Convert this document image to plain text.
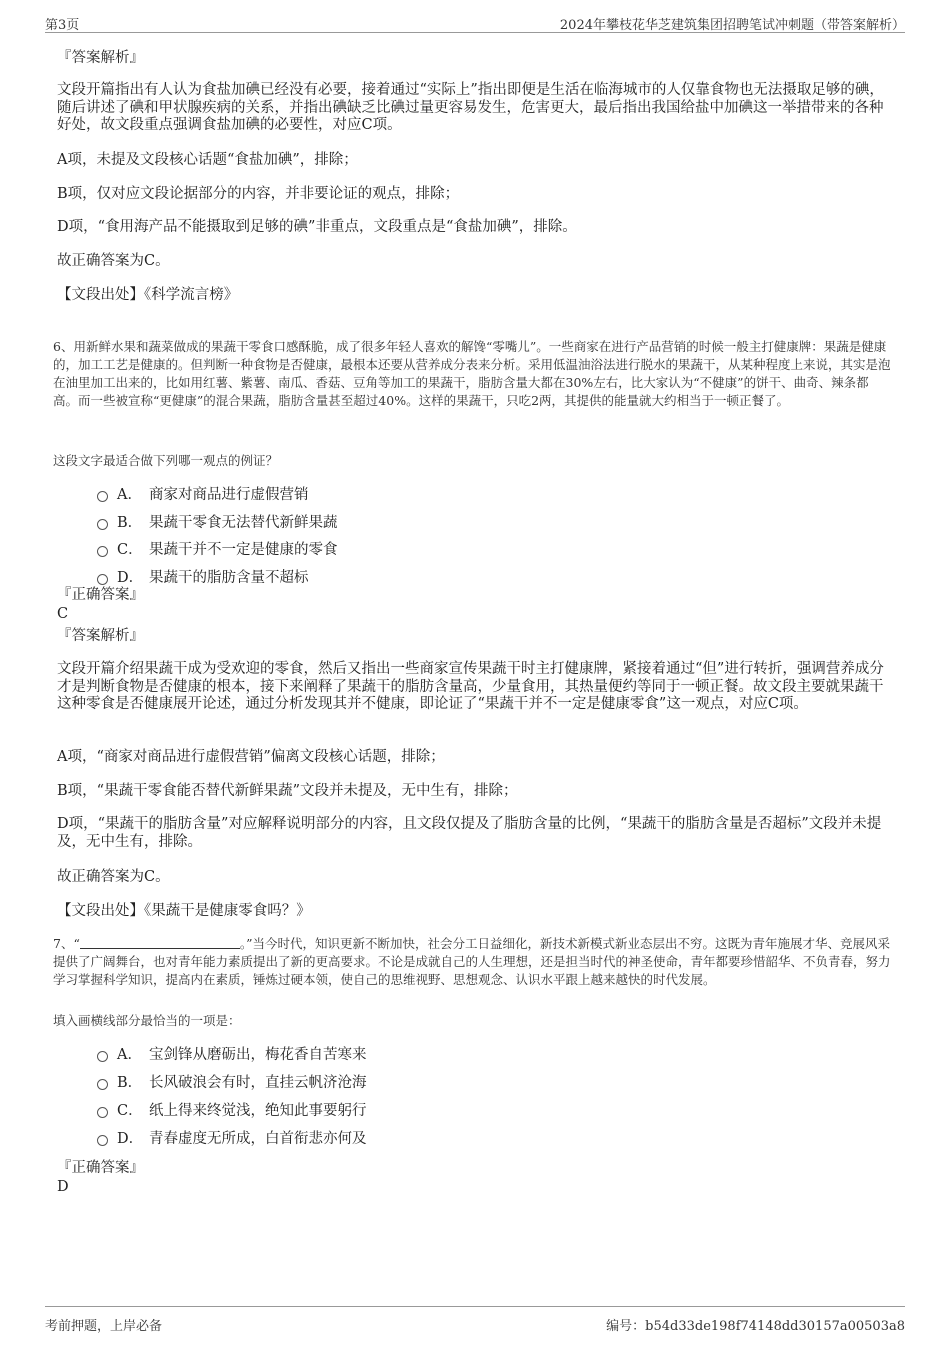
第3页	2024年攀枝花华芝建筑集团招聘笔试冲刺题（带答案解析）
『答案解析』
文段开篇指出有人认为食盐加碘已经没有必要，接着通过“实际上”指出即便是生活在临海城市的人仅靠食物也无法摄取足够的碘，随后讲述了碘和甲状腺疾病的关系，并指出碘缺乏比碘过量更容易发生，危害更大，最后指出我国给盐中加碘这一举措带来的各种好处，故文段重点强调食盐加碘的必要性，对应C项。
A项，未提及文段核心话题“食盐加碘”，排除；
B项，仅对应文段论据部分的内容，并非要论证的观点，排除；
D项，“食用海产品不能摄取到足够的碘”非重点，文段重点是“食盐加碘”，排除。
故正确答案为C。
【文段出处】《科学流言榜》
6、用新鲜水果和蔬菜做成的果蔬干零食口感酥脆，成了很多年轻人喜欢的解馋“零嘴儿”。一些商家在进行产品营销的时候一般主打健康牌：果蔬是健康的，加工工艺是健康的。但判断一种食物是否健康，最根本还要从营养成分表来分析。采用低温油浴法进行脱水的果蔬干，从某种程度上来说，其实是泡在油里加工出来的，比如用红薯、紫薯、南瓜、香菇、豆角等加工的果蔬干，脂肪含量大都在30%左右，比大家认为“不健康”的饼干、曲奇、辣条都高。而一些被宣称“更健康”的混合果蔬，脂肪含量甚至超过40%。这样的果蔬干，只吃2两，其提供的能量就大约相当于一顿正餐了。
这段文字最适合做下列哪一观点的例证？
A． 商家对商品进行虚假营销
B． 果蔬干零食无法替代新鲜果蔬
C． 果蔬干并不一定是健康的零食
D． 果蔬干的脂肪含量不超标
『正确答案』
C
『答案解析』
文段开篇介绍果蔬干成为受欢迎的零食，然后又指出一些商家宣传果蔬干时主打健康牌，紧接着通过“但”进行转折，强调营养成分才是判断食物是否健康的根本，接下来阐释了果蔬干的脂肪含量高，少量食用，其热量便约等同于一顿正餐。故文段主要就果蔬干这种零食是否健康展开论述，通过分析发现其并不健康，即论证了“果蔬干并不一定是健康零食”这一观点，对应C项。
A项，“商家对商品进行虚假营销”偏离文段核心话题，排除；
B项，“果蔬干零食能否替代新鲜果蔬”文段并未提及，无中生有，排除；
D项，“果蔬干的脂肪含量”对应解释说明部分的内容，且文段仅提及了脂肪含量的比例，“果蔬干的脂肪含量是否超标”文段并未提及，无中生有，排除。
故正确答案为C。
【文段出处】《果蔬干是健康零食吗？》
7、“	。”当今时代，知识更新不断加快，社会分工日益细化，新技术新模式新业态层出不穷。这既为青年施展才华、竞展风采提供了广阔舞台，也对青年能力素质提出了新的更高要求。不论是成就自己的人生理想，还是担当时代的神圣使命，青年都要珍惜韶华、不负青春，努力学习掌握科学知识，提高内在素质，锤炼过硬本领，使自己的思维视野、思想观念、认识水平跟上越来越快的时代发展。
填入画横线部分最恰当的一项是：
A． 宝剑锋从磨砺出，梅花香自苦寒来
B． 长风破浪会有时，直挂云帆济沧海
C． 纸上得来终觉浅，绝知此事要躬行
D． 青春虚度无所成，白首衔悲亦何及
『正确答案』
D
考前押题，上岸必备	编号：b54d33de198f74148dd30157a00503a8
